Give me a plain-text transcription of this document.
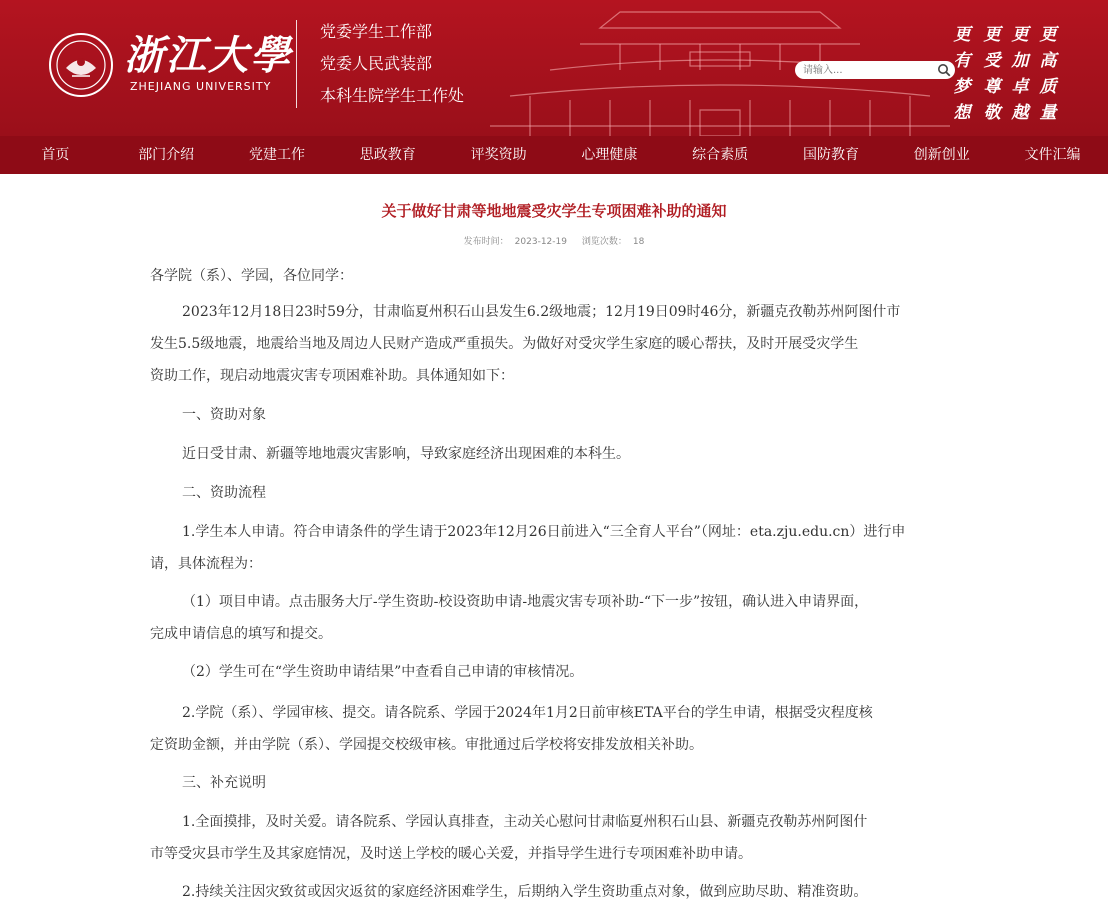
浙江大學
ZHEJIANG UNIVERSITY
党委学生工作部
党委人民武装部
本科生院学生工作处
请输入...
更
有
梦
想
更
受
尊
敬
更
加
卓
越
更
高
质
量
首页	部门介绍	党建工作	思政教育	评奖资助	心理健康	综合素质	国防教育	创新创业	文件汇编
关于做好甘肃等地地震受灾学生专项困难补助的通知
发布时间： 2023-12-19 浏览次数： 18
各学院（系）、学园，各位同学：
2023年12月18日23时59分，甘肃临夏州积石山县发生6.2级地震；12月19日09时46分，新疆克孜勒苏州阿图什市
发生5.5级地震，地震给当地及周边人民财产造成严重损失。为做好对受灾学生家庭的暖心帮扶，及时开展受灾学生
资助工作，现启动地震灾害专项困难补助。具体通知如下：
一、资助对象
近日受甘肃、新疆等地地震灾害影响，导致家庭经济出现困难的本科生。
二、资助流程
1.学生本人申请。符合申请条件的学生请于2023年12月26日前进入“三全育人平台”（网址：eta.zju.edu.cn）进行申
请，具体流程为：
（1）项目申请。点击服务大厅-学生资助-校设资助申请-地震灾害专项补助-“下一步”按钮，确认进入申请界面，
完成申请信息的填写和提交。
（2）学生可在“学生资助申请结果”中查看自己申请的审核情况。
2.学院（系）、学园审核、提交。请各院系、学园于2024年1月2日前审核ETA平台的学生申请，根据受灾程度核
定资助金额，并由学院（系）、学园提交校级审核。审批通过后学校将安排发放相关补助。
三、补充说明
1.全面摸排，及时关爱。请各院系、学园认真排查，主动关心慰问甘肃临夏州积石山县、新疆克孜勒苏州阿图什
市等受灾县市学生及其家庭情况，及时送上学校的暖心关爱，并指导学生进行专项困难补助申请。
2.持续关注因灾致贫或因灾返贫的家庭经济困难学生，后期纳入学生资助重点对象，做到应助尽助、精准资助。
